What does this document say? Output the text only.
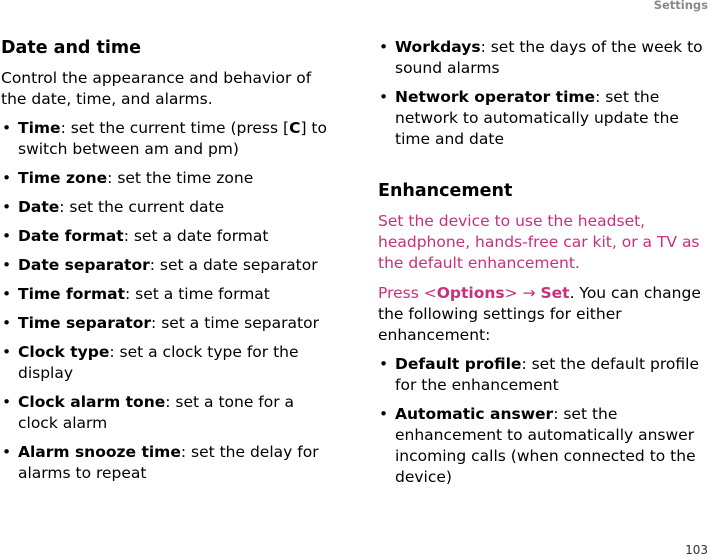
Settings
Date and time

Control the appearance and behavior of the date, time, and alarms.

• Time: set the current time (press [C] to switch between am and pm)
• Time zone: set the time zone
• Date: set the current date
• Date format: set a date format
• Date separator: set a date separator
• Time format: set a time format
• Time separator: set a time separator
• Clock type: set a clock type for the display
• Clock alarm tone: set a tone for a clock alarm
• Alarm snooze time: set the delay for alarms to repeat
• Workdays: set the days of the week to sound alarms
• Network operator time: set the network to automatically update the time and date
Enhancement

Set the device to use the headset, headphone, hands-free car kit, or a TV as the default enhancement.

Press <Options> → Set. You can change the following settings for either enhancement:

• Default profile: set the default profile for the enhancement
• Automatic answer: set the enhancement to automatically answer incoming calls (when connected to the device)
103
